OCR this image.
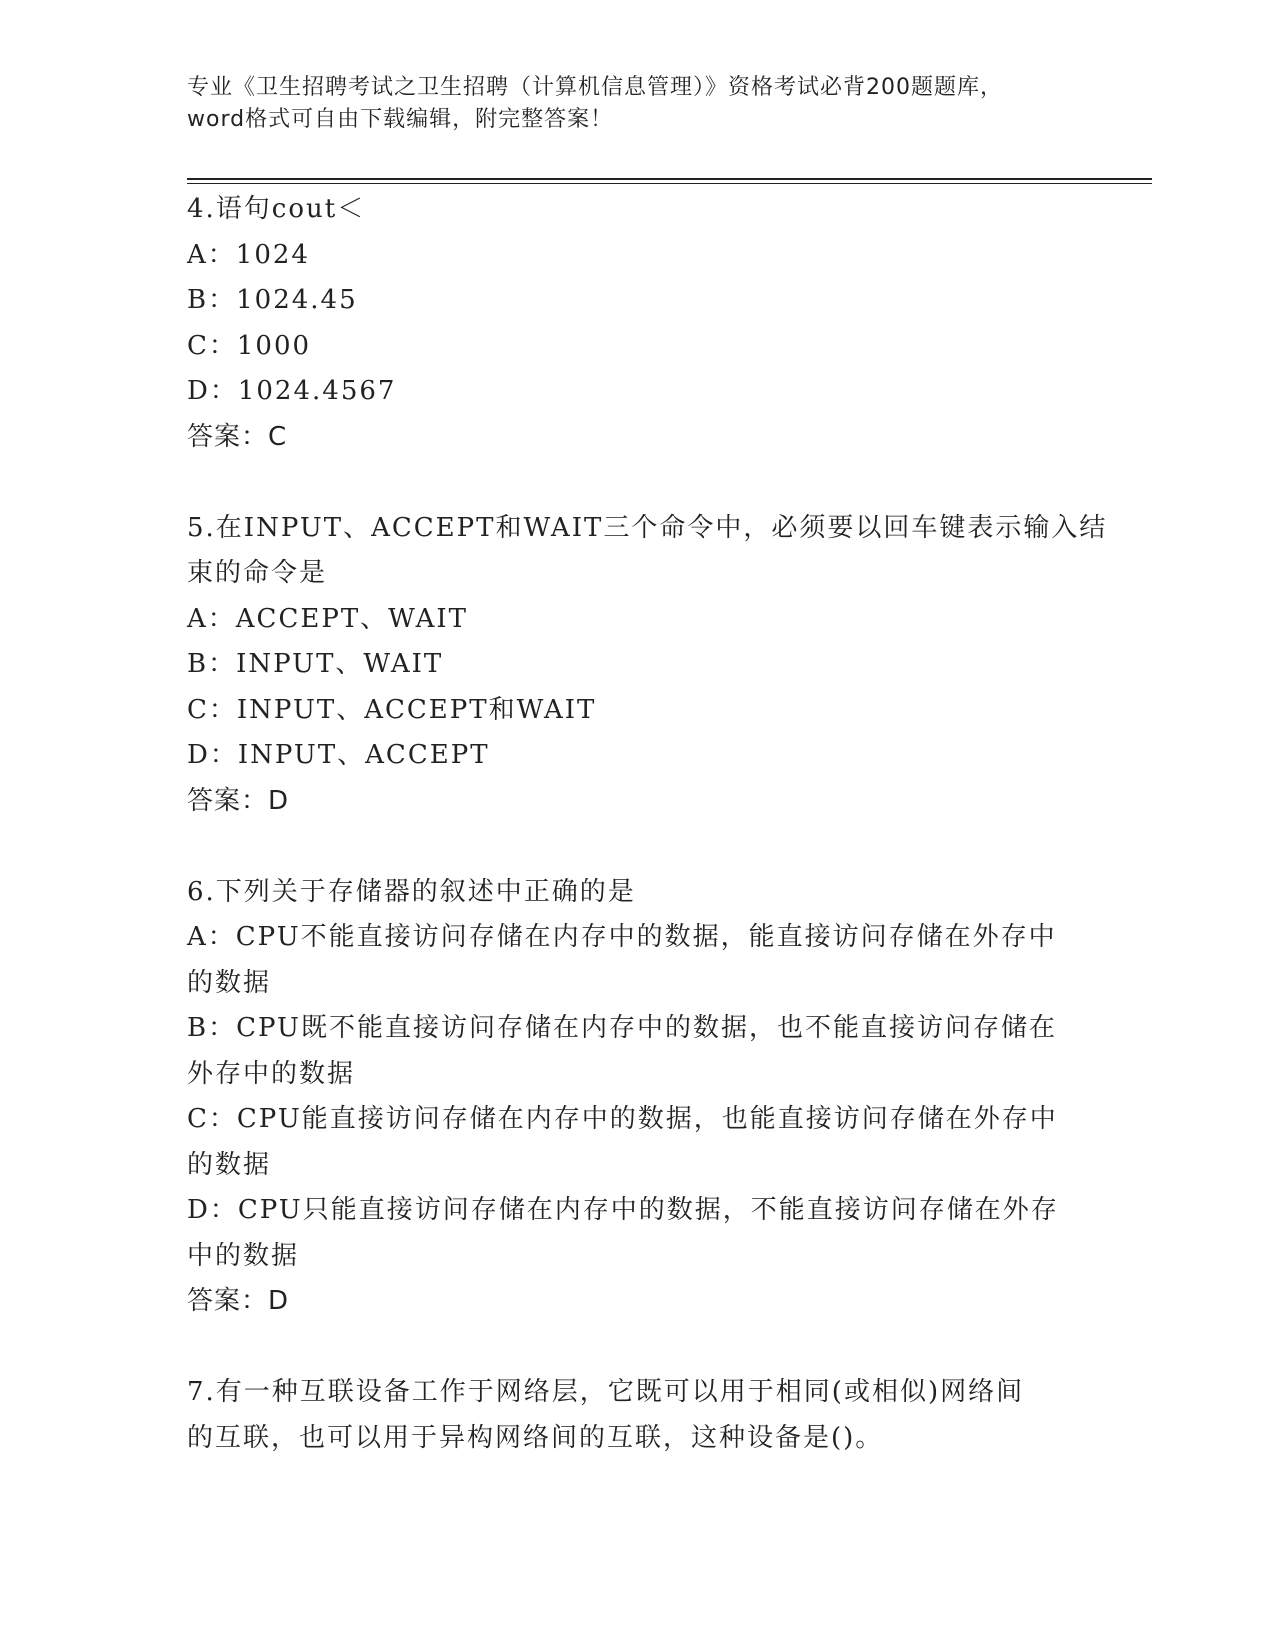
专业《卫生招聘考试之卫生招聘（计算机信息管理）》资格考试必背200题题库，
word格式可自由下载编辑，附完整答案！
4.语句cout＜
A：1024
B：1024.45
C：1000
D：1024.4567
答案：C
5.在INPUT、ACCEPT和WAIT三个命令中，必须要以回车键表示输入结
束的命令是
A：ACCEPT、WAIT
B：INPUT、WAIT
C：INPUT、ACCEPT和WAIT
D：INPUT、ACCEPT
答案：D
6.下列关于存储器的叙述中正确的是
A：CPU不能直接访问存储在内存中的数据，能直接访问存储在外存中
的数据
B：CPU既不能直接访问存储在内存中的数据，也不能直接访问存储在
外存中的数据
C：CPU能直接访问存储在内存中的数据，也能直接访问存储在外存中
的数据
D：CPU只能直接访问存储在内存中的数据，不能直接访问存储在外存
中的数据
答案：D
7.有一种互联设备工作于网络层，它既可以用于相同(或相似)网络间
的互联，也可以用于异构网络间的互联，这种设备是()。
